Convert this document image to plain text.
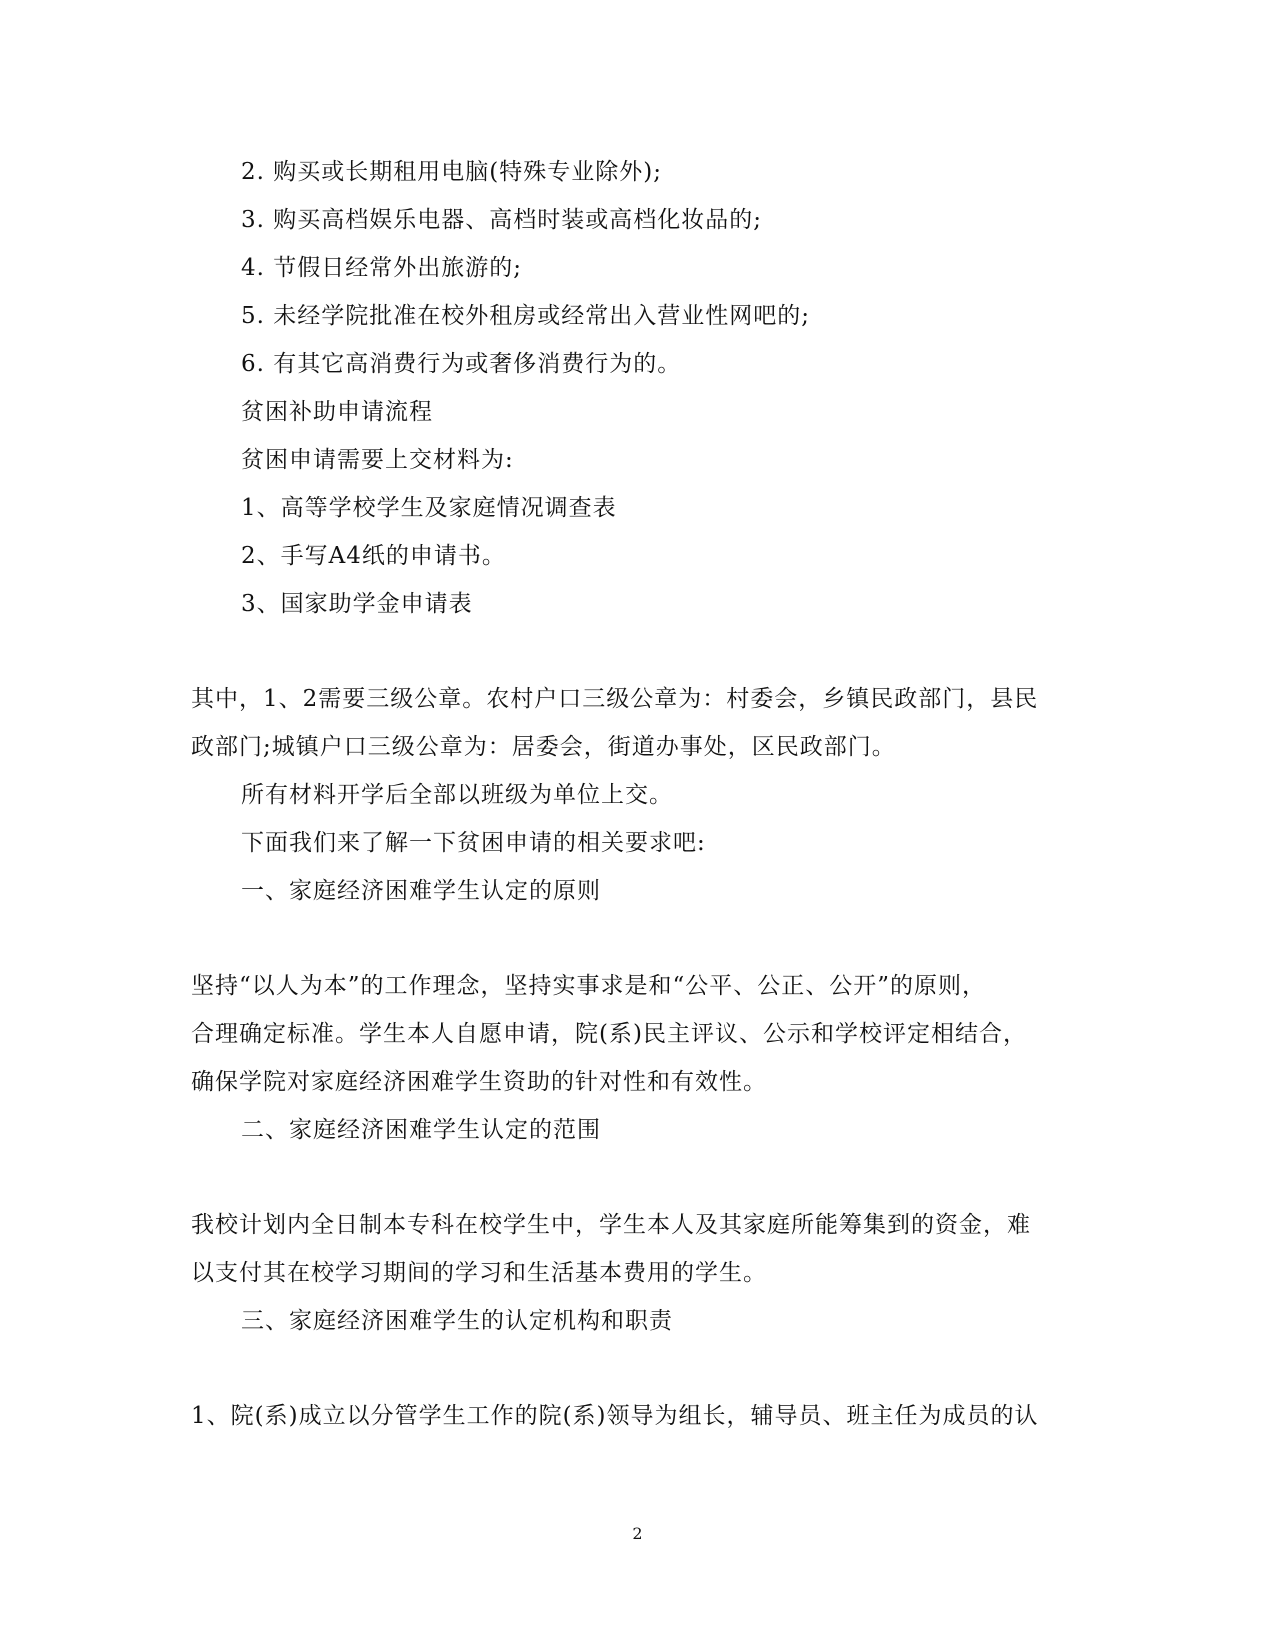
2. 购买或长期租用电脑(特殊专业除外);
3. 购买高档娱乐电器、高档时装或高档化妆品的;
4. 节假日经常外出旅游的;
5. 未经学院批准在校外租房或经常出入营业性网吧的;
6. 有其它高消费行为或奢侈消费行为的。
贫困补助申请流程
贫困申请需要上交材料为:
1、高等学校学生及家庭情况调查表
2、手写A4纸的申请书。
3、国家助学金申请表
其中，1、2需要三级公章。农村户口三级公章为：村委会，乡镇民政部门，县民
政部门;城镇户口三级公章为：居委会，街道办事处，区民政部门。
所有材料开学后全部以班级为单位上交。
下面我们来了解一下贫困申请的相关要求吧:
一、家庭经济困难学生认定的原则
坚持“以人为本”的工作理念，坚持实事求是和“公平、公正、公开”的原则，
合理确定标准。学生本人自愿申请，院(系)民主评议、公示和学校评定相结合，
确保学院对家庭经济困难学生资助的针对性和有效性。
二、家庭经济困难学生认定的范围
我校计划内全日制本专科在校学生中，学生本人及其家庭所能筹集到的资金，难
以支付其在校学习期间的学习和生活基本费用的学生。
三、家庭经济困难学生的认定机构和职责
1、院(系)成立以分管学生工作的院(系)领导为组长，辅导员、班主任为成员的认
2
